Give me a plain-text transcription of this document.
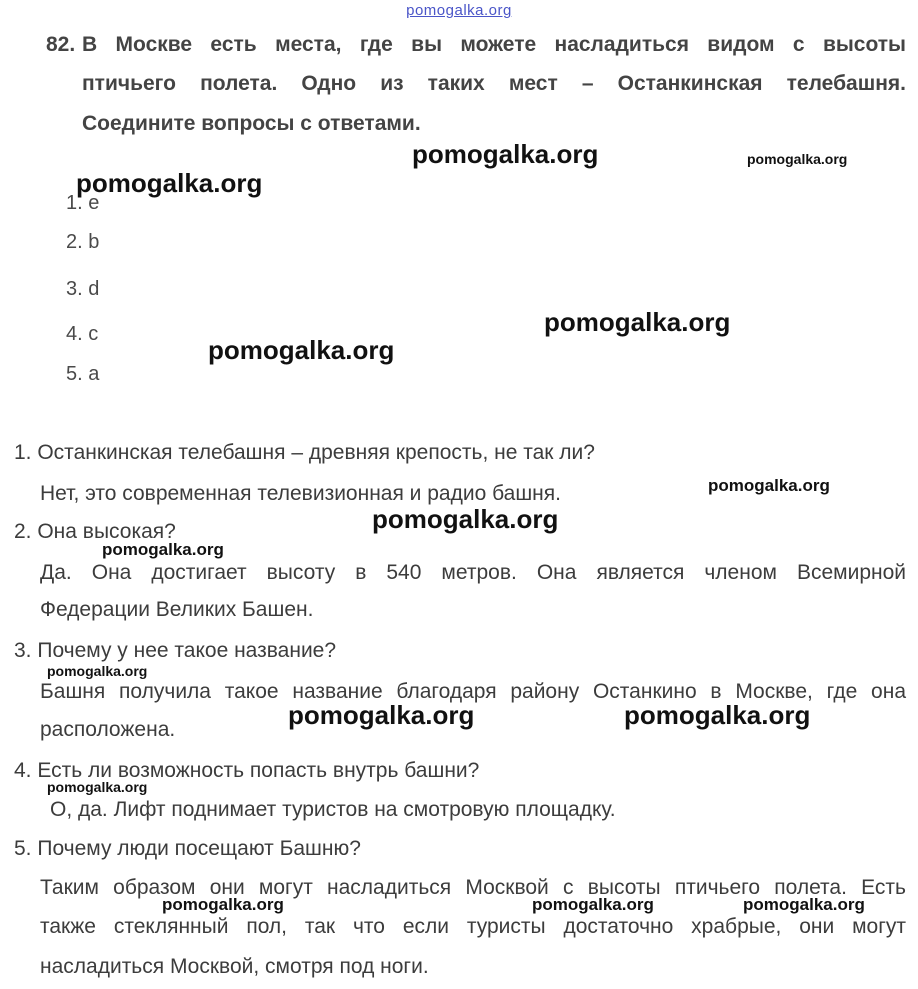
pomogalka.org
82. В Москве есть места, где вы можете насладиться видом с высоты
птичьего полета. Одно из таких мест – Останкинская телебашня.
Соедините вопросы с ответами.
1. e
2. b
3. d
4. c
5. a
1. Останкинская телебашня – древняя крепость, не так ли?
Нет, это современная телевизионная и радио башня.
2. Она высокая?
Да. Она достигает высоту в 540 метров. Она является членом Всемирной
Федерации Великих Башен.
3. Почему у нее такое название?
Башня получила такое название благодаря району Останкино в Москве, где она
расположена.
4. Есть ли возможность попасть внутрь башни?
О, да. Лифт поднимает туристов на смотровую площадку.
5. Почему люди посещают Башню?
Таким образом они могут насладиться Москвой с высоты птичьего полета. Есть
также стеклянный пол, так что если туристы достаточно храбрые, они могут
насладиться Москвой, смотря под ноги.
pomogalka.org	pomogalka.org
pomogalka.org
pomogalka.org
pomogalka.org
pomogalka.org
pomogalka.org
pomogalka.org
pomogalka.org
pomogalka.org	pomogalka.org
pomogalka.org
pomogalka.org	pomogalka.org	pomogalka.org
